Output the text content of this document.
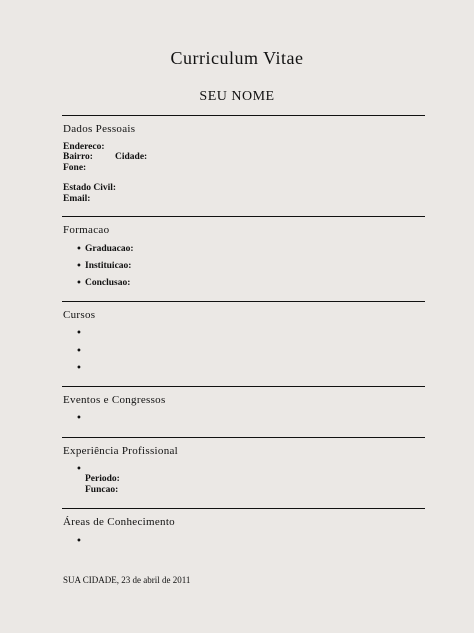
Curriculum Vitae
SEU NOME
Dados Pessoais
Endereco:
Bairro: Cidade:
Fone:
Estado Civil:
Email:
Formacao
• Graduacao:
• Instituicao:
• Conclusao:
Cursos
•
•
•
Eventos e Congressos
•
Experiência Profissional
•
Periodo:
Funcao:
Áreas de Conhecimento
•
SUA CIDADE, 23 de abril de 2011
